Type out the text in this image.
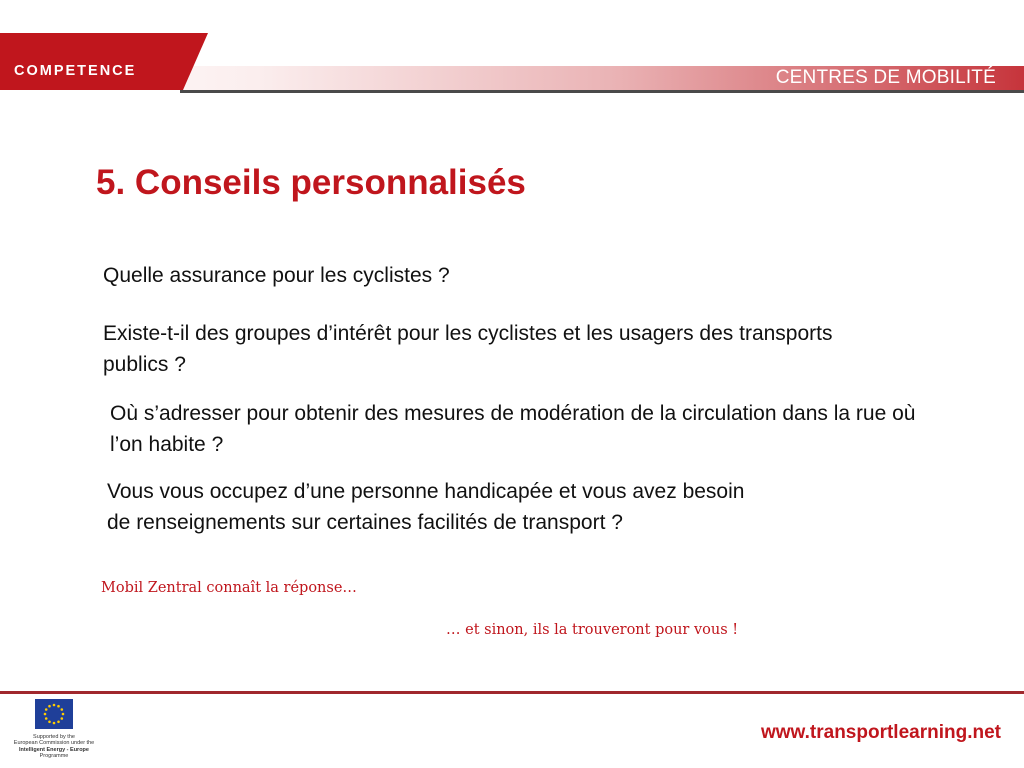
COMPETENCE	CENTRES DE MOBILITÉ
5. Conseils personnalisés

Quelle assurance pour les cyclistes ?

Existe-t-il des groupes d’intérêt pour les cyclistes et les usagers des transports publics ?

Où s’adresser pour obtenir des mesures de modération de la circulation dans la rue où l’on habite ?

Vous vous occupez d’une personne handicapée et vous avez besoin de renseignements sur certaines facilités de transport ?

Mobil Zentral connaît la réponse…

… et sinon, ils la trouveront pour vous !

Supported by the
European Commission under the
Intelligent Energy - Europe
Programme
www.transportlearning.net
